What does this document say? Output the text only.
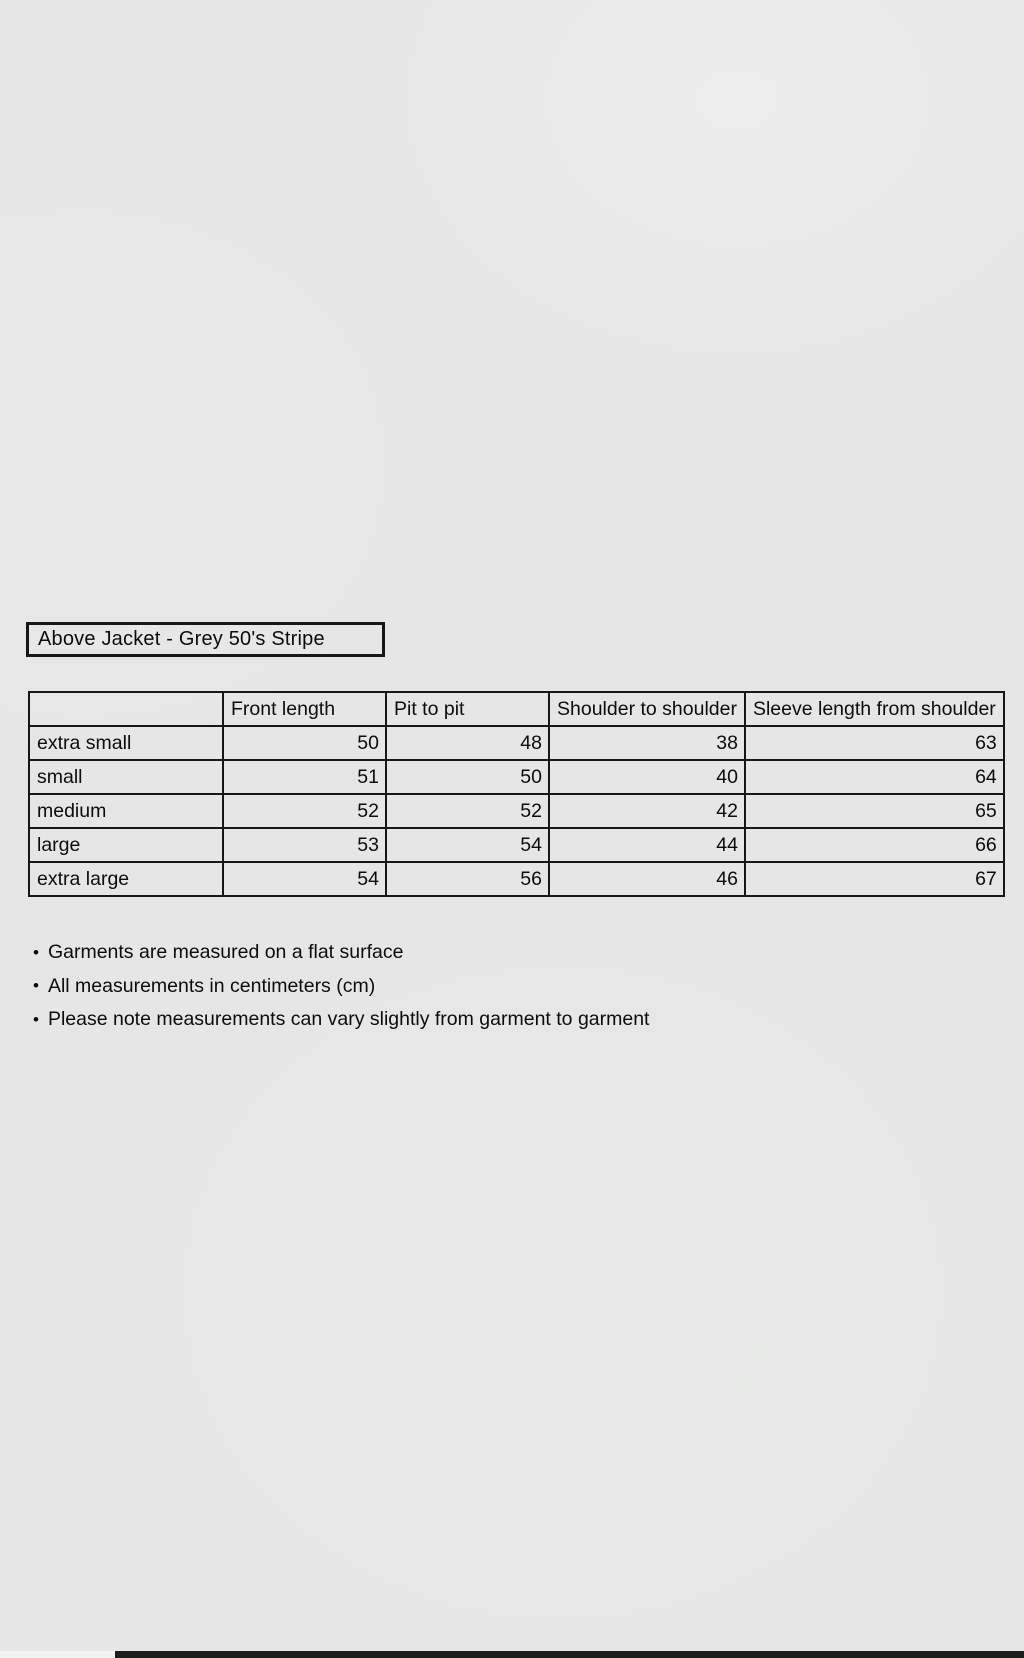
Above Jacket - Grey 50's Stripe
	Front length	Pit to pit	Shoulder to shoulder	Sleeve length from shoulder
extra small	50	48	38	63
small	51	50	40	64
medium	52	52	42	65
large	53	54	44	66
extra large	54	56	46	67
• Garments are measured on a flat surface
• All measurements in centimeters (cm)
• Please note measurements can vary slightly from garment to garment
